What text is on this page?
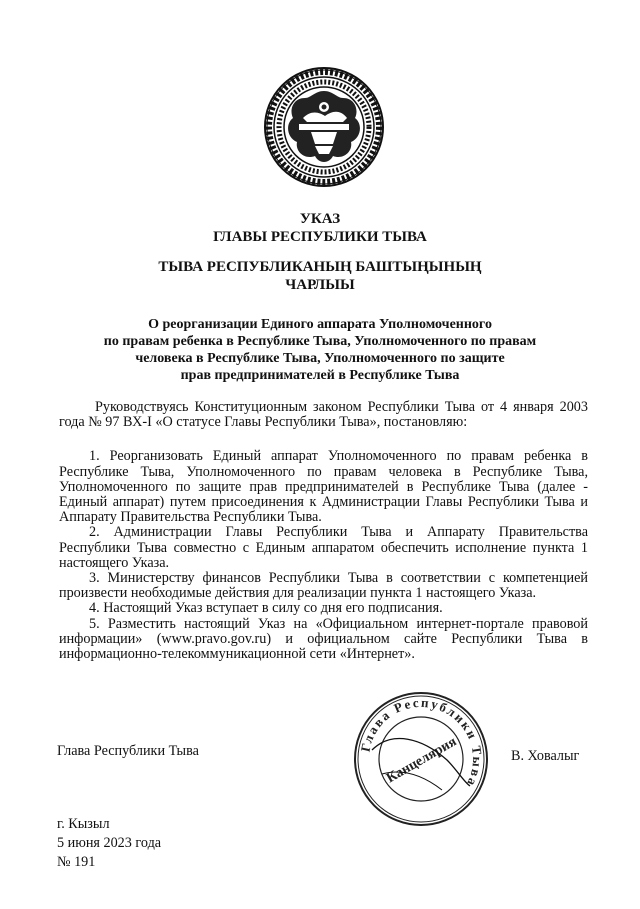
УКАЗ
ГЛАВЫ РЕСПУБЛИКИ ТЫВА
ТЫВА РЕСПУБЛИКАНЫҢ БАШТЫҢЫНЫҢ
ЧАРЛЫЫ
О реорганизации Единого аппарата Уполномоченного
по правам ребенка в Республике Тыва, Уполномоченного по правам
человека в Республике Тыва, Уполномоченного по защите
прав предпринимателей в Республике Тыва

Руководствуясь Конституционным законом Республики Тыва от 4 января 2003 года № 97 ВХ-I «О статусе Главы Республики Тыва», постановляю:

1. Реорганизовать Единый аппарат Уполномоченного по правам ребенка в Республике Тыва, Уполномоченного по правам человека в Республике Тыва, Уполномоченного по защите прав предпринимателей в Республике Тыва (далее - Единый аппарат) путем присоединения к Администрации Главы Республики Тыва и Аппарату Правительства Республики Тыва.

2. Администрации Главы Республики Тыва и Аппарату Правительства Республики Тыва совместно с Единым аппаратом обеспечить исполнение пункта 1 настоящего Указа.

3. Министерству финансов Республики Тыва в соответствии с компетенцией произвести необходимые действия для реализации пункта 1 настоящего Указа.

4. Настоящий Указ вступает в силу со дня его подписания.

5. Разместить настоящий Указ на «Официальном интернет-портале правовой информации» (www.pravo.gov.ru) и официальном сайте Республики Тыва в информационно-телекоммуникационной сети «Интернет».

Глава Республики Тыва	Глава Республики Тыва
Канцелярия	В. Ховалыг
г. Кызыл
5 июня 2023 года
№ 191
